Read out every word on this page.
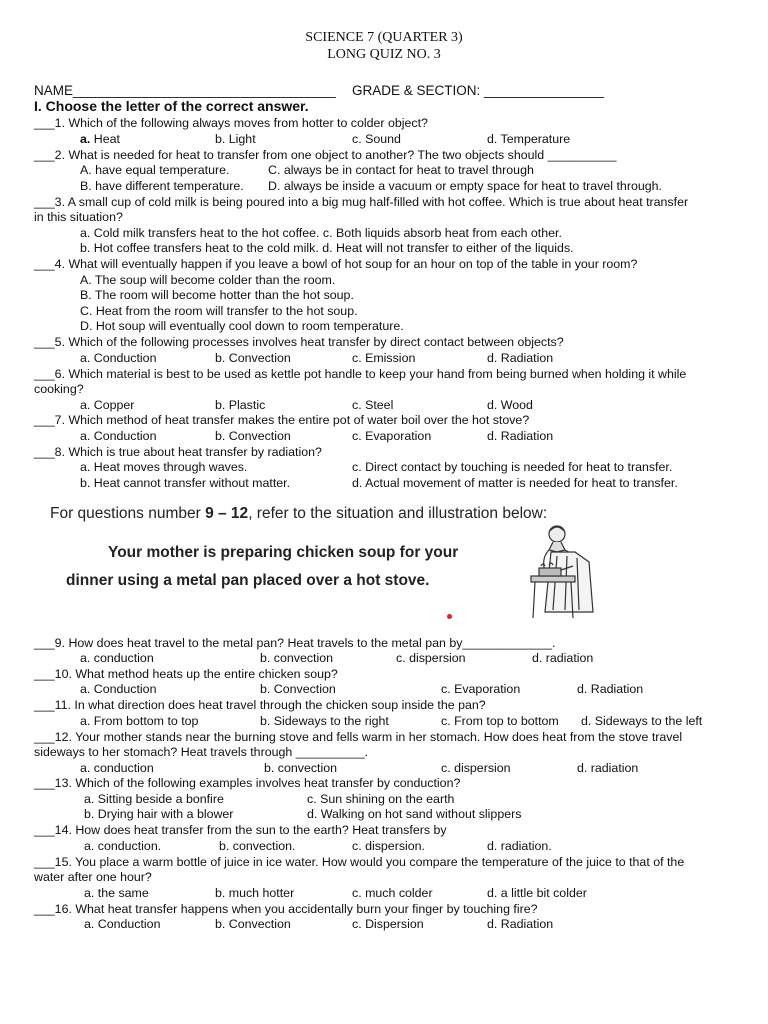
SCIENCE 7 (QUARTER 3)
LONG QUIZ NO. 3
NAME___________________________________ GRADE & SECTION: ________________
I. Choose the letter of the correct answer.
___1. Which of the following always moves from hotter to colder object?
a. Heat	b. Light	c. Sound	d. Temperature
___2. What is needed for heat to transfer from one object to another? The two objects should __________
A. have equal temperature.	C. always be in contact for heat to travel through
B. have different temperature. D. always be inside a vacuum or empty space for heat to travel through.
___3. A small cup of cold milk is being poured into a big mug half-filled with hot coffee. Which is true about heat transfer
in this situation?
a. Cold milk transfers heat to the hot coffee. c. Both liquids absorb heat from each other.
b. Hot coffee transfers heat to the cold milk. d. Heat will not transfer to either of the liquids.
___4. What will eventually happen if you leave a bowl of hot soup for an hour on top of the table in your room?
A. The soup will become colder than the room.
B. The room will become hotter than the hot soup.
C. Heat from the room will transfer to the hot soup.
D. Hot soup will eventually cool down to room temperature.
___5. Which of the following processes involves heat transfer by direct contact between objects?
a. Conduction	b. Convection	c. Emission	d. Radiation
___6. Which material is best to be used as kettle pot handle to keep your hand from being burned when holding it while
cooking?
a. Copper	b. Plastic	c. Steel	d. Wood
___7. Which method of heat transfer makes the entire pot of water boil over the hot stove?
a. Conduction	b. Convection	c. Evaporation	d. Radiation
___8. Which is true about heat transfer by radiation?
a. Heat moves through waves.	c. Direct contact by touching is needed for heat to transfer.
b. Heat cannot transfer without matter.	d. Actual movement of matter is needed for heat to transfer.
For questions number 9 – 12, refer to the situation and illustration below:
Your mother is preparing chicken soup for your
dinner using a metal pan placed over a hot stove.
___9. How does heat travel to the metal pan? Heat travels to the metal pan by_____________.
a. conduction	b. convection	c. dispersion	d. radiation
___10. What method heats up the entire chicken soup?
a. Conduction	b. Convection	c. Evaporation	d. Radiation
___11. In what direction does heat travel through the chicken soup inside the pan?
a. From bottom to top	b. Sideways to the right	c. From top to bottom d. Sideways to the left
___12. Your mother stands near the burning stove and fells warm in her stomach. How does heat from the stove travel
sideways to her stomach? Heat travels through __________.
a. conduction	b. convection	c. dispersion	d. radiation
___13. Which of the following examples involves heat transfer by conduction?
a. Sitting beside a bonfire	c. Sun shining on the earth
b. Drying hair with a blower	d. Walking on hot sand without slippers
___14. How does heat transfer from the sun to the earth? Heat transfers by
a. conduction.	b. convection.	c. dispersion.	d. radiation.
___15. You place a warm bottle of juice in ice water. How would you compare the temperature of the juice to that of the
water after one hour?
a. the same	b. much hotter	c. much colder	d. a little bit colder
___16. What heat transfer happens when you accidentally burn your finger by touching fire?
a. Conduction	b. Convection	c. Dispersion	d. Radiation
